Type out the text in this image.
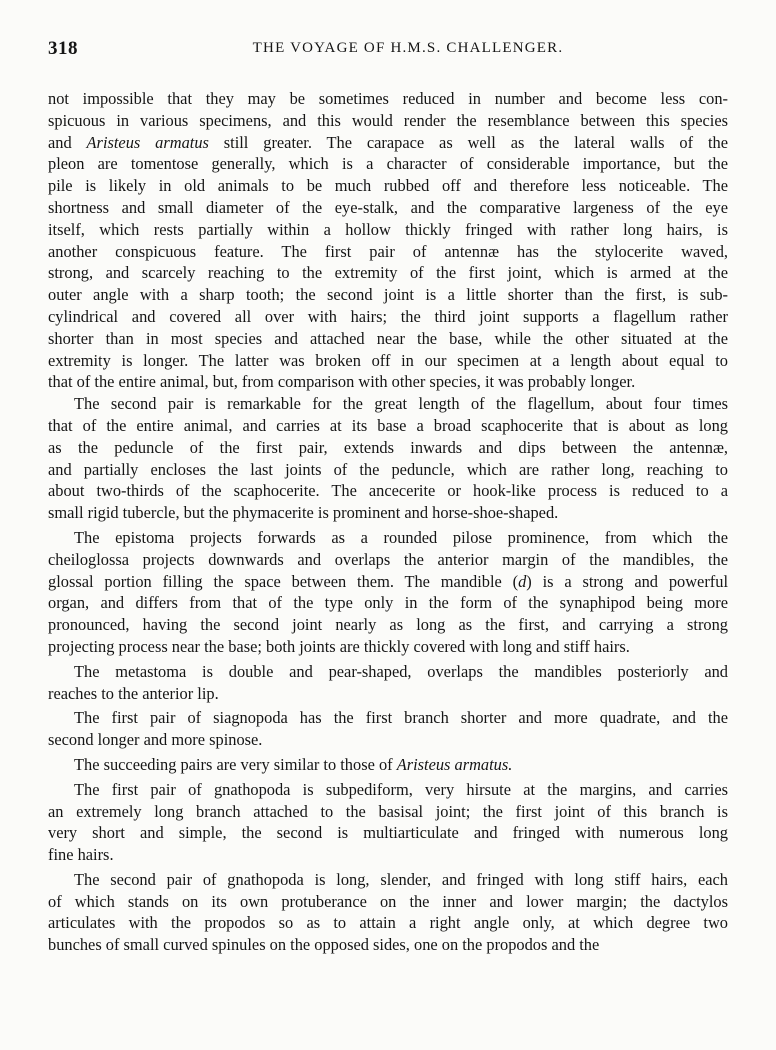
318	THE VOYAGE OF H.M.S. CHALLENGER.
not impossible that they may be sometimes reduced in number and become less con-
spicuous in various specimens, and this would render the resemblance between this species
and Aristeus armatus still greater. The carapace as well as the lateral walls of the
pleon are tomentose generally, which is a character of considerable importance, but the
pile is likely in old animals to be much rubbed off and therefore less noticeable. The
shortness and small diameter of the eye-stalk, and the comparative largeness of the eye
itself, which rests partially within a hollow thickly fringed with rather long hairs, is
another conspicuous feature. The first pair of antennæ has the stylocerite waved,
strong, and scarcely reaching to the extremity of the first joint, which is armed at the
outer angle with a sharp tooth; the second joint is a little shorter than the first, is sub-
cylindrical and covered all over with hairs; the third joint supports a flagellum rather
shorter than in most species and attached near the base, while the other situated at the
extremity is longer. The latter was broken off in our specimen at a length about equal to
that of the entire animal, but, from comparison with other species, it was probably longer.
The second pair is remarkable for the great length of the flagellum, about four times
that of the entire animal, and carries at its base a broad scaphocerite that is about as long
as the peduncle of the first pair, extends inwards and dips between the antennæ,
and partially encloses the last joints of the peduncle, which are rather long, reaching to
about two-thirds of the scaphocerite. The ancecerite or hook-like process is reduced to a
small rigid tubercle, but the phymacerite is prominent and horse-shoe-shaped.
The epistoma projects forwards as a rounded pilose prominence, from which the
cheiloglossa projects downwards and overlaps the anterior margin of the mandibles, the
glossal portion filling the space between them. The mandible (d) is a strong and powerful
organ, and differs from that of the type only in the form of the synaphipod being more
pronounced, having the second joint nearly as long as the first, and carrying a strong
projecting process near the base; both joints are thickly covered with long and stiff hairs.
The metastoma is double and pear-shaped, overlaps the mandibles posteriorly and
reaches to the anterior lip.
The first pair of siagnopoda has the first branch shorter and more quadrate, and the
second longer and more spinose.
The succeeding pairs are very similar to those of Aristeus armatus.
The first pair of gnathopoda is subpediform, very hirsute at the margins, and carries
an extremely long branch attached to the basisal joint; the first joint of this branch is
very short and simple, the second is multiarticulate and fringed with numerous long
fine hairs.
The second pair of gnathopoda is long, slender, and fringed with long stiff hairs, each
of which stands on its own protuberance on the inner and lower margin; the dactylos
articulates with the propodos so as to attain a right angle only, at which degree two
bunches of small curved spinules on the opposed sides, one on the propodos and the
